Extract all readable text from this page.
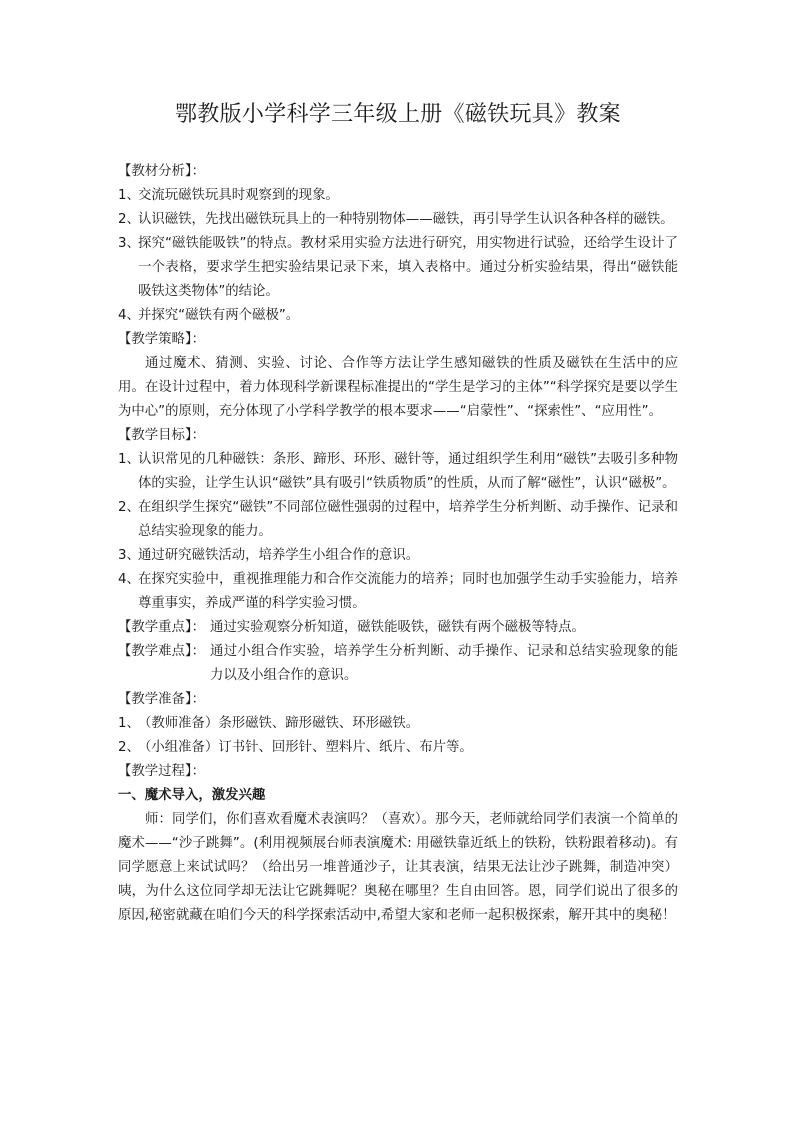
鄂教版小学科学三年级上册《磁铁玩具》教案
【教材分析】：
1、
交流玩磁铁玩具时观察到的现象。
2、
认识磁铁，先找出磁铁玩具上的一种特别物体——磁铁，再引导学生认识各种各样的磁铁。
3、
探究“磁铁能吸铁”的特点。教材采用实验方法进行研究，用实物进行试验，还给学生设计了一个表格，要求学生把实验结果记录下来，填入表格中。通过分析实验结果，得出“磁铁能吸铁这类物体”的结论。
4、
并探究“磁铁有两个磁极”。
【教学策略】：

通过魔术、猜测、实验、讨论、合作等方法让学生感知磁铁的性质及磁铁在生活中的应用。在设计过程中，着力体现科学新课程标准提出的“学生是学习的主体”“科学探究是要以学生为中心”的原则，充分体现了小学科学教学的根本要求——“启蒙性”、“探索性”、“应用性”。

【教学目标】：
1、
认识常见的几种磁铁：条形、蹄形、环形、磁针等，通过组织学生利用“磁铁”去吸引多种物体的实验，让学生认识“磁铁”具有吸引“铁质物质”的性质，从而了解“磁性”，认识“磁极”。
2、
在组织学生探究“磁铁”不同部位磁性强弱的过程中，培养学生分析判断、动手操作、记录和总结实验现象的能力。
3、
通过研究磁铁活动，培养学生小组合作的意识。
4、
在探究实验中，重视推理能力和合作交流能力的培养；同时也加强学生动手实验能力，培养尊重事实，养成严谨的科学实验习惯。
【教学重点】： 通过实验观察分析知道，磁铁能吸铁，磁铁有两个磁极等特点。
【教学难点】： 通过小组合作实验，培养学生分析判断、动手操作、记录和总结实验现象的能力以及小组合作的意识。
【教学准备】：
1、
（教师准备）条形磁铁、蹄形磁铁、环形磁铁。
2、
（小组准备）订书针、回形针、塑料片、纸片、布片等。
【教学过程】：
一、魔术导入，激发兴趣

师：同学们，你们喜欢看魔术表演吗？（喜欢）。那今天，老师就给同学们表演一个简单的魔术——“沙子跳舞”。(利用视频展台师表演魔术: 用磁铁靠近纸上的铁粉，铁粉跟着移动)。有同学愿意上来试试吗？（给出另一堆普通沙子，让其表演，结果无法让沙子跳舞，制造冲突）咦，为什么这位同学却无法让它跳舞呢？奥秘在哪里？生自由回答。恩，同学们说出了很多的原因,秘密就藏在咱们今天的科学探索活动中,希望大家和老师一起积极探索，解开其中的奥秘！
